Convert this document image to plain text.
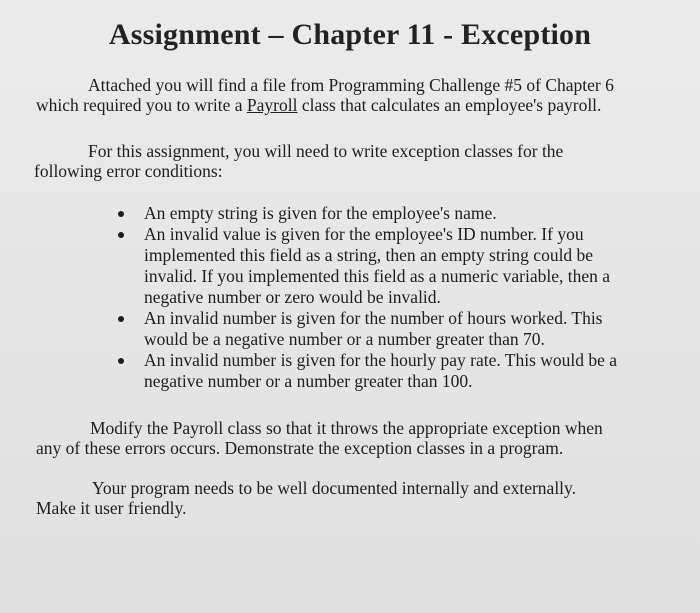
Assignment – Chapter 11 - Exception
Attached you will find a file from Programming Challenge #5 of Chapter 6
which required you to write a Payroll class that calculates an employee's payroll.
For this assignment, you will need to write exception classes for the
following error conditions:
An empty string is given for the employee's name.
An invalid value is given for the employee's ID number. If you
implemented this field as a string, then an empty string could be
invalid. If you implemented this field as a numeric variable, then a
negative number or zero would be invalid.
An invalid number is given for the number of hours worked. This
would be a negative number or a number greater than 70.
An invalid number is given for the hourly pay rate. This would be a
negative number or a number greater than 100.
Modify the Payroll class so that it throws the appropriate exception when
any of these errors occurs. Demonstrate the exception classes in a program.
Your program needs to be well documented internally and externally.
Make it user friendly.
